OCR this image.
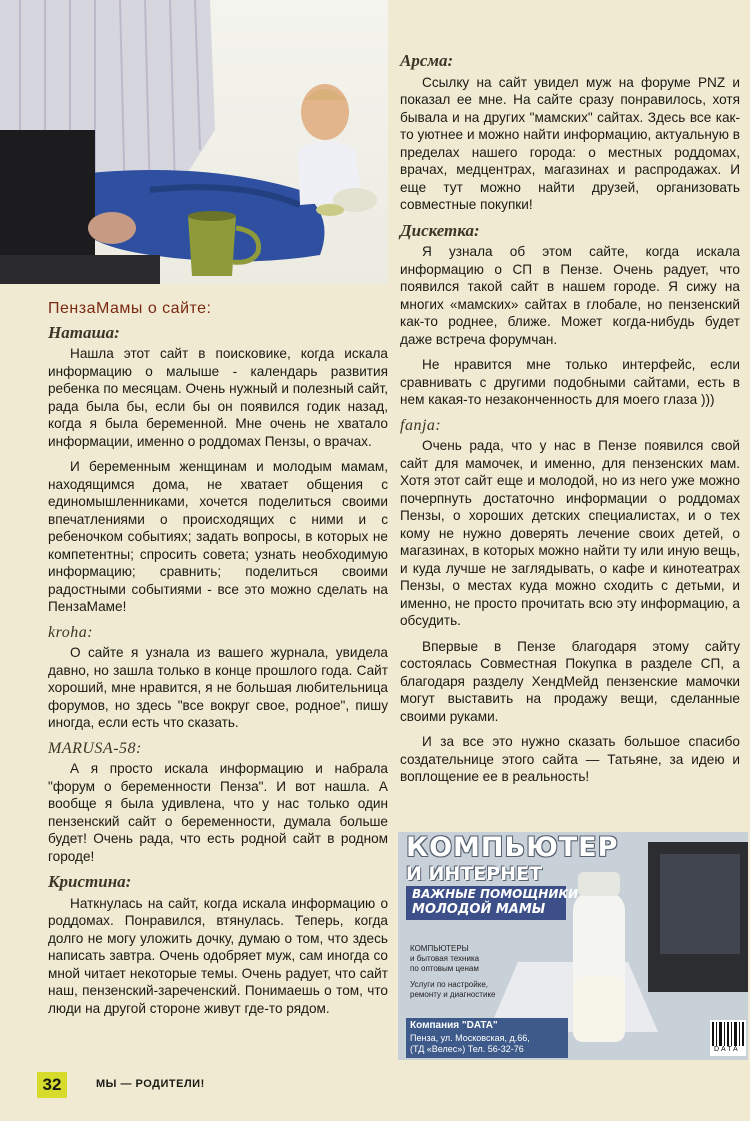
ПензаМамы о сайте:
Наташа:

Нашла этот сайт в поисковике, когда искала информацию о малыше - календарь развития ребенка по месяцам. Очень нужный и полезный сайт, рада была бы, если бы он появился годик назад, когда я была беременной. Мне очень не хватало информации, именно о роддомах Пензы, о врачах.

И беременным женщинам и молодым мамам, находящимся дома, не хватает общения с единомышленниками, хочется поделиться своими впечатлениями о происходящих с ними и с ребеночком событиях; задать вопросы, в которых не компетентны; спросить совета; узнать необходимую информацию; сравнить; поделиться своими радостными событиями - все это можно сделать на ПензаМаме!

kroha:

О сайте я узнала из вашего журнала, увидела давно, но зашла только в конце прошлого года. Сайт хороший, мне нравится, я не большая любительница форумов, но здесь "все вокруг свое, родное", пишу иногда, если есть что сказать.

MARUSA-58:

А я просто искала информацию и набрала "форум о беременности Пенза". И вот нашла. А вообще я была удивлена, что у нас только один пензенский сайт о беременности, думала больше будет! Очень рада, что есть родной сайт в родном городе!

Кристина:

Наткнулась на сайт, когда искала информацию о роддомах. Понравился, втянулась. Теперь, когда долго не могу уложить дочку, думаю о том, что здесь написать завтра. Очень одобряет муж, сам иногда со мной читает некоторые темы. Очень радует, что сайт наш, пензенский-зареченский. Понимаешь о том, что люди на другой стороне живут где-то рядом.

Арсма:

Ссылку на сайт увидел муж на форуме PNZ и показал ее мне. На сайте сразу понравилось, хотя бывала и на других "мамских" сайтах. Здесь все как-то уютнее и можно найти информацию, актуальную в пределах нашего города: о местных роддомах, врачах, медцентрах, магазинах и распродажах. И еще тут можно найти друзей, организовать совместные покупки!

Дискетка:

Я узнала об этом сайте, когда искала информацию о СП в Пензе. Очень радует, что появился такой сайт в нашем городе. Я сижу на многих «мамских» сайтах в глобале, но пензенский как-то роднее, ближе. Может когда-нибудь будет даже встреча форумчан.

Не нравится мне только интерфейс, если сравнивать с другими подобными сайтами, есть в нем какая-то незаконченность для моего глаза )))

fanja:

Очень рада, что у нас в Пензе появился свой сайт для мамочек, и именно, для пензенских мам. Хотя этот сайт еще и молодой, но из него уже можно почерпнуть достаточно информации о роддомах Пензы, о хороших детских специалистах, и о тех кому не нужно доверять лечение своих детей, о магазинах, в которых можно найти ту или иную вещь, и куда лучше не заглядывать, о кафе и кинотеатрах Пензы, о местах куда можно сходить с детьми, и именно, не просто прочитать всю эту информацию, а обсудить.

Впервые в Пензе благодаря этому сайту состоялась Совместная Покупка в разделе СП, а благодаря разделу ХендМейд пензенские мамочки могут выставить на продажу вещи, сделанные своими руками.

И за все это нужно сказать большое спасибо создательнице этого сайта — Татьяне, за идею и воплощение ее в реальность!

КОМПЬЮТЕР
И ИНТЕРНЕТ
ВАЖНЫЕ ПОМОЩНИКИ
МОЛОДОЙ МАМЫ
КОМПЬЮТЕРЫ
и бытовая техника
по оптовым ценам
Услуги по настройке,
ремонту и диагностике
Компания "DATA"
Пенза, ул. Московская, д.66,
(ТД «Велес») Тел. 56-32-76	DATA
32	МЫ — РОДИТЕЛИ!
